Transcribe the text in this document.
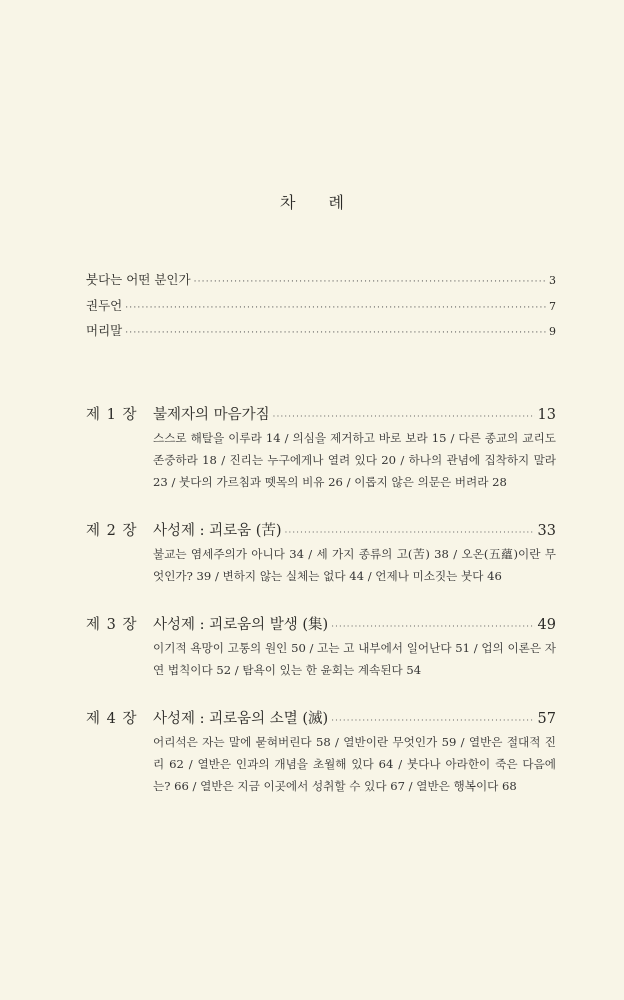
차 례
붓다는 어떤 분인가 ·····	3
권두언 ·····	7
머리말 ·····	9
제 1 장	불제자의 마음가짐 ·····	13
스스로 해탈을 이루라 14 / 의심을 제거하고 바로 보라 15 / 다른 종교의 교리도 존중하라 18 / 진리는 누구에게나 열려 있다 20 / 하나의 관념에 집착하지 말라 23 / 붓다의 가르침과 뗏목의 비유 26 / 이롭지 않은 의문은 버려라 28
제 2 장	사성제 : 괴로움 (苦) ·····	33
불교는 염세주의가 아니다 34 / 세 가지 종류의 고(苦) 38 / 오온(五蘊)이란 무엇인가? 39 / 변하지 않는 실체는 없다 44 / 언제나 미소짓는 붓다 46
제 3 장	사성제 : 괴로움의 발생 (集) ·····	49
이기적 욕망이 고통의 원인 50 / 고는 고 내부에서 일어난다 51 / 업의 이론은 자연 법칙이다 52 / 탐욕이 있는 한 윤회는 계속된다 54
제 4 장	사성제 : 괴로움의 소멸 (滅) ·····	57
어리석은 자는 말에 묻혀버린다 58 / 열반이란 무엇인가 59 / 열반은 절대적 진리 62 / 열반은 인과의 개념을 초월해 있다 64 / 붓다나 아라한이 죽은 다음에는? 66 / 열반은 지금 이곳에서 성취할 수 있다 67 / 열반은 행복이다 68
